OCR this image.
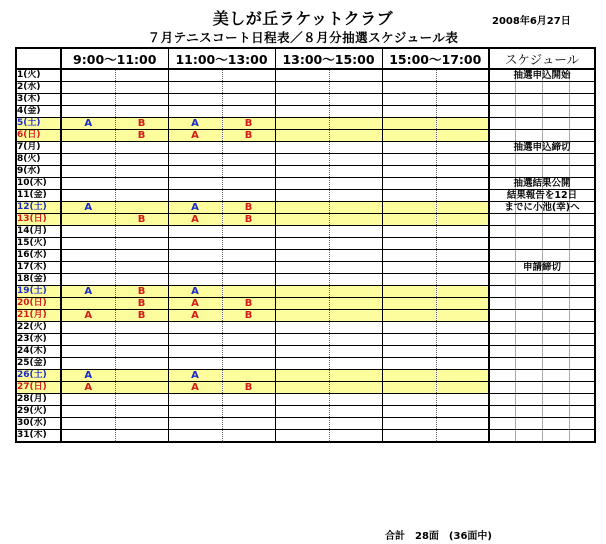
美しが丘ラケットクラブ	2008年6月27日
７月テニスコート日程表／８月分抽選スケジュール表
	9:00〜11:00		11:00〜13:00		13:00〜15:00		15:00〜17:00		スケジュール
1(火)									抽選申込開始
2(水)									
3(木)									
4(金)									
5(土)	A	B	A	B					
6(日)		B	A	B					
7(月)									抽選申込締切
8(火)									
9(水)									
10(木)									抽選結果公開
11(金)									結果報告を12日
12(土)	A		A	B					までに小池(幸)へ
13(日)		B	A	B					
14(月)									
15(火)									
16(水)									
17(木)									申請締切
18(金)									
19(土)	A	B	A						
20(日)		B	A	B					
21(月)	A	B	A	B					
22(火)									
23(水)									
24(木)									
25(金)									
26(土)	A		A						
27(日)	A		A	B					
28(月)									
29(火)									
30(水)									
31(木)									
合計　28面　(36面中)
